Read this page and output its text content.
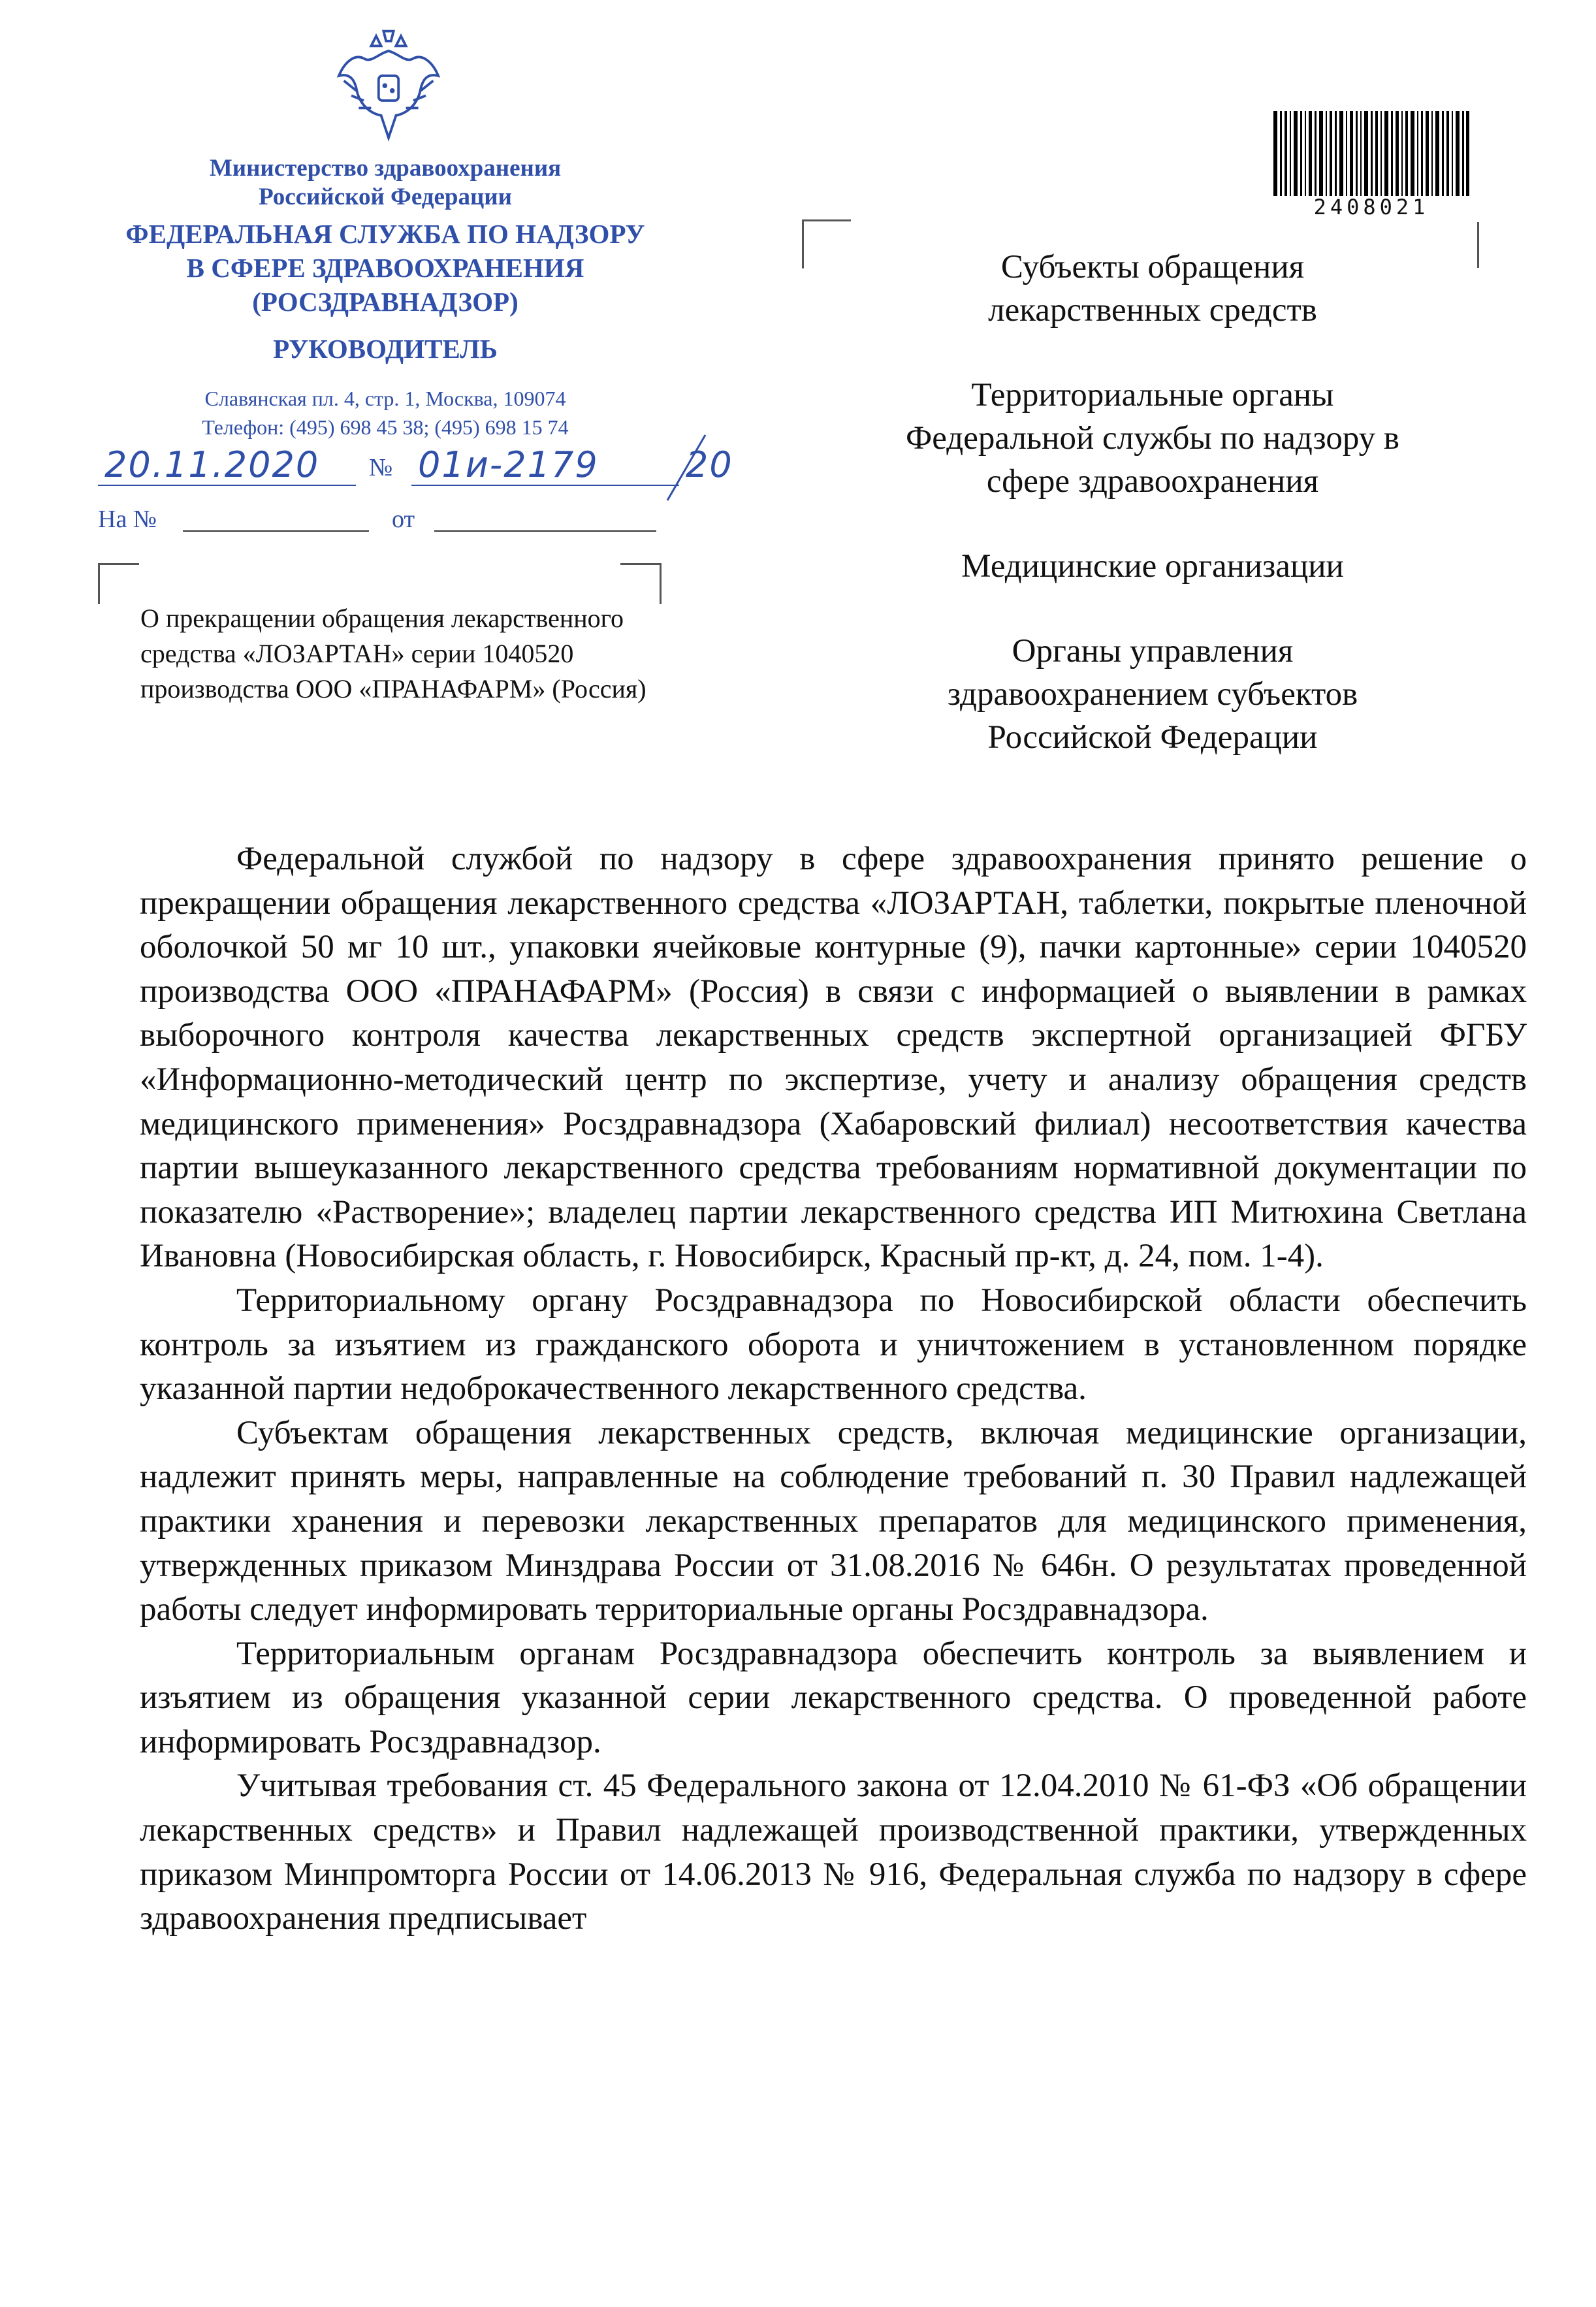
Министерство здравоохранения
Российской Федерации
ФЕДЕРАЛЬНАЯ СЛУЖБА ПО НАДЗОРУ
В СФЕРЕ ЗДРАВООХРАНЕНИЯ
(РОСЗДРАВНАДЗОР)
РУКОВОДИТЕЛЬ
Славянская пл. 4, стр. 1, Москва, 109074
Телефон: (495) 698 45 38; (495) 698 15 74
20.11.2020 № 01и-2179 20
На №	от
О прекращении обращения лекарственного
средства «ЛОЗАРТАН» серии 1040520
производства ООО «ПРАНАФАРМ» (Россия)
2408021
Субъекты обращения
лекарственных средств
Территориальные органы
Федеральной службы по надзору в
сфере здравоохранения
Медицинские организации
Органы управления
здравоохранением субъектов
Российской Федерации

Федеральной службой по надзору в сфере здравоохранения принято решение о прекращении обращения лекарственного средства «ЛОЗАРТАН, таблетки, покрытые пленочной оболочкой 50 мг 10 шт., упаковки ячейковые контурные (9), пачки картонные» серии 1040520 производства ООО «ПРАНАФАРМ» (Россия) в связи с информацией о выявлении в рамках выборочного контроля качества лекарственных средств экспертной организацией ФГБУ «Информационно-методический центр по экспертизе, учету и анализу обращения средств медицинского применения» Росздравнадзора (Хабаровский филиал) несоответствия качества партии вышеуказанного лекарственного средства требованиям нормативной документации по показателю «Растворение»; владелец партии лекарственного средства ИП Митюхина Светлана Ивановна (Новосибирская область, г. Новосибирск, Красный пр-кт, д. 24, пом. 1-4).

Территориальному органу Росздравнадзора по Новосибирской области обеспечить контроль за изъятием из гражданского оборота и уничтожением в установленном порядке указанной партии недоброкачественного лекарственного средства.

Субъектам обращения лекарственных средств, включая медицинские организации, надлежит принять меры, направленные на соблюдение требований п. 30 Правил надлежащей практики хранения и перевозки лекарственных препаратов для медицинского применения, утвержденных приказом Минздрава России от 31.08.2016 № 646н. О результатах проведенной работы следует информировать территориальные органы Росздравнадзора.

Территориальным органам Росздравнадзора обеспечить контроль за выявлением и изъятием из обращения указанной серии лекарственного средства. О проведенной работе информировать Росздравнадзор.

Учитывая требования ст. 45 Федерального закона от 12.04.2010 № 61-ФЗ «Об обращении лекарственных средств» и Правил надлежащей производственной практики, утвержденных приказом Минпромторга России от 14.06.2013 № 916, Федеральная служба по надзору в сфере здравоохранения предписывает
